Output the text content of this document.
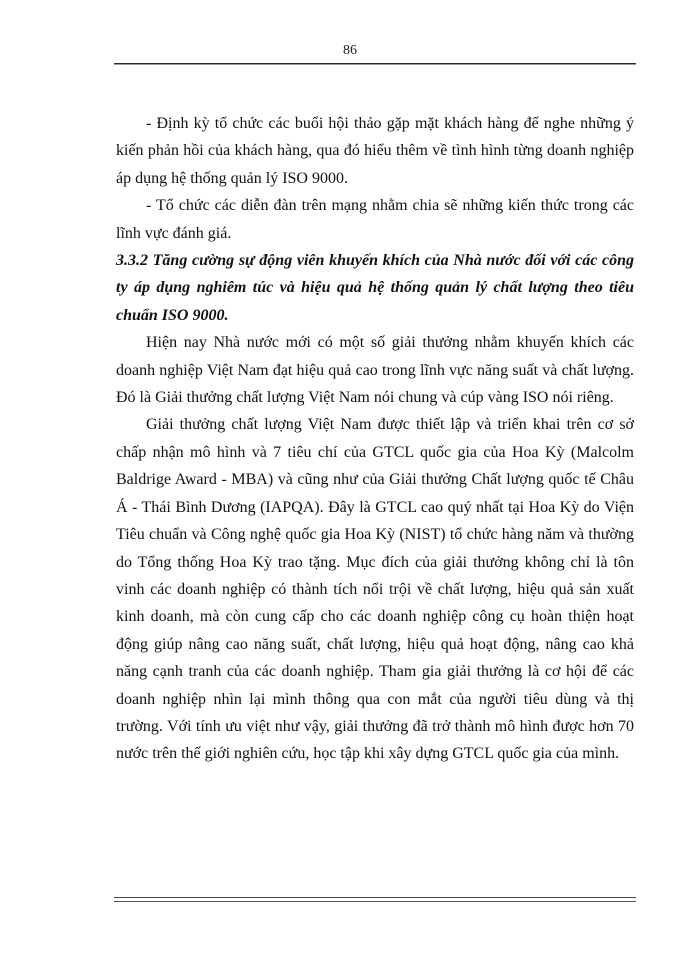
86

- Định kỳ tổ chức các buổi hội thảo gặp mặt khách hàng để nghe những ý kiến phản hồi của khách hàng, qua đó hiểu thêm về tình hình từng doanh nghiệp áp dụng hệ thống quản lý ISO 9000.

- Tổ chức các diễn đàn trên mạng nhằm chia sẽ những kiến thức trong các lĩnh vực đánh giá.

3.3.2 Tăng cường sự động viên khuyến khích của Nhà nước đối với các công ty áp dụng nghiêm túc và hiệu quả hệ thống quản lý chất lượng theo tiêu chuẩn ISO 9000.

Hiện nay Nhà nước mới có một số giải thưởng nhằm khuyến khích các doanh nghiệp Việt Nam đạt hiệu quả cao trong lĩnh vực năng suất và chất lượng. Đó là Giải thưởng chất lượng Việt Nam nói chung và cúp vàng ISO nói riêng.

Giải thưởng chất lượng Việt Nam được thiết lập và triển khai trên cơ sở chấp nhận mô hình và 7 tiêu chí của GTCL quốc gia của Hoa Kỳ (Malcolm Baldrige Award - MBA) và cũng như của Giải thưởng Chất lượng quốc tế Châu Á - Thái Bình Dương (IAPQA). Đây là GTCL cao quý nhất tại Hoa Kỳ do Viện Tiêu chuẩn và Công nghệ quốc gia Hoa Kỳ (NIST) tổ chức hàng năm và thường do Tổng thống Hoa Kỳ trao tặng. Mục đích của giải thưởng không chỉ là tôn vinh các doanh nghiệp có thành tích nổi trội về chất lượng, hiệu quả sản xuất kinh doanh, mà còn cung cấp cho các doanh nghiệp công cụ hoàn thiện hoạt động giúp nâng cao năng suất, chất lượng, hiệu quả hoạt động, nâng cao khả năng cạnh tranh của các doanh nghiệp. Tham gia giải thưởng là cơ hội để các doanh nghiệp nhìn lại mình thông qua con mắt của người tiêu dùng và thị trường. Với tính ưu việt như vậy, giải thưởng đã trở thành mô hình được hơn 70 nước trên thế giới nghiên cứu, học tập khi xây dựng GTCL quốc gia của mình.
